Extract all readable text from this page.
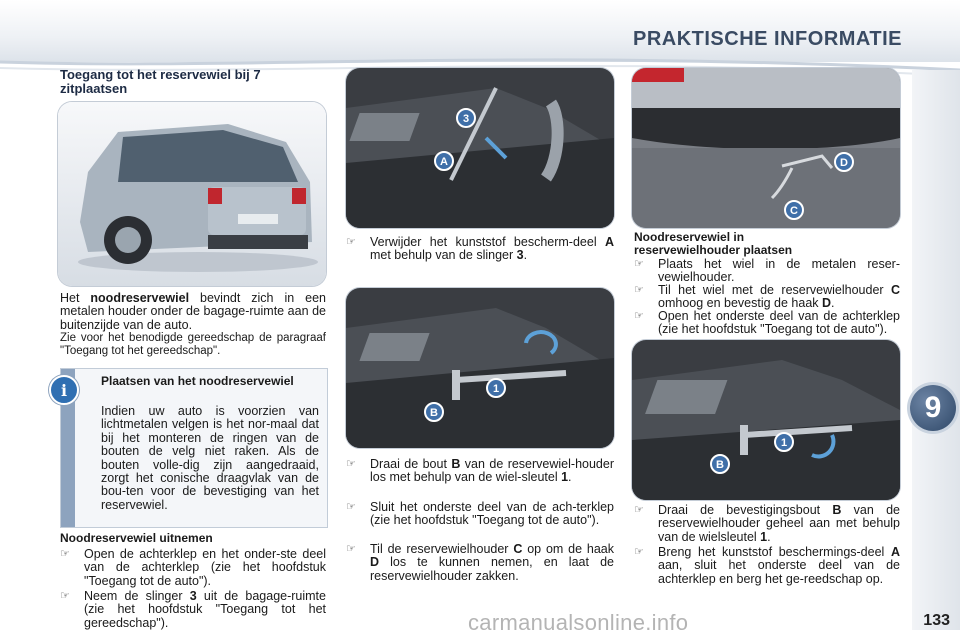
PRAKTISCHE INFORMATIE
9
Toegang tot het reservewiel bij 7 zitplaatsen
Het noodreservewiel bevindt zich in een metalen houder onder de bagage-ruimte aan de buitenzijde van de auto.
Zie voor het benodigde gereedschap de paragraaf "Toegang tot het gereedschap".
i	Plaatsen van het noodreservewiel
Indien uw auto is voorzien van lichtmetalen velgen is het nor-maal dat bij het monteren de ringen van de bouten de velg niet raken. Als de bouten volle-dig zijn aangedraaid, zorgt het conische draagvlak van de bou-ten voor de bevestiging van het reservewiel.
Noodreservewiel uitnemen
☞ Open de achterklep en het onder-ste deel van de achterklep (zie het hoofdstuk "Toegang tot de auto").
☞ Neem de slinger 3 uit de bagage-ruimte (zie het hoofdstuk "Toegang tot het gereedschap").
3
A
☞ Verwijder het kunststof bescherm-deel A met behulp van de slinger 3.
1
B
☞ Draai de bout B van de reservewiel-houder los met behulp van de wiel-sleutel 1.
☞ Sluit het onderste deel van de ach-terklep (zie het hoofdstuk "Toegang tot de auto").
☞ Til de reservewielhouder C op om de haak D los te kunnen nemen, en laat de reservewielhouder zakken.
D
C
Noodreservewiel in reservewielhouder plaatsen
☞ Plaats het wiel in de metalen reser-vewielhouder.
☞ Til het wiel met de reservewielhouder C omhoog en bevestig de haak D.
☞ Open het onderste deel van de achterklep (zie het hoofdstuk "Toegang tot de auto").
1
B
☞ Draai de bevestigingsbout B van de reservewielhouder geheel aan met behulp van de wielsleutel 1.
☞ Breng het kunststof beschermings-deel A aan, sluit het onderste deel van de achterklep en berg het ge-reedschap op.
carmanualsonline.info	133
